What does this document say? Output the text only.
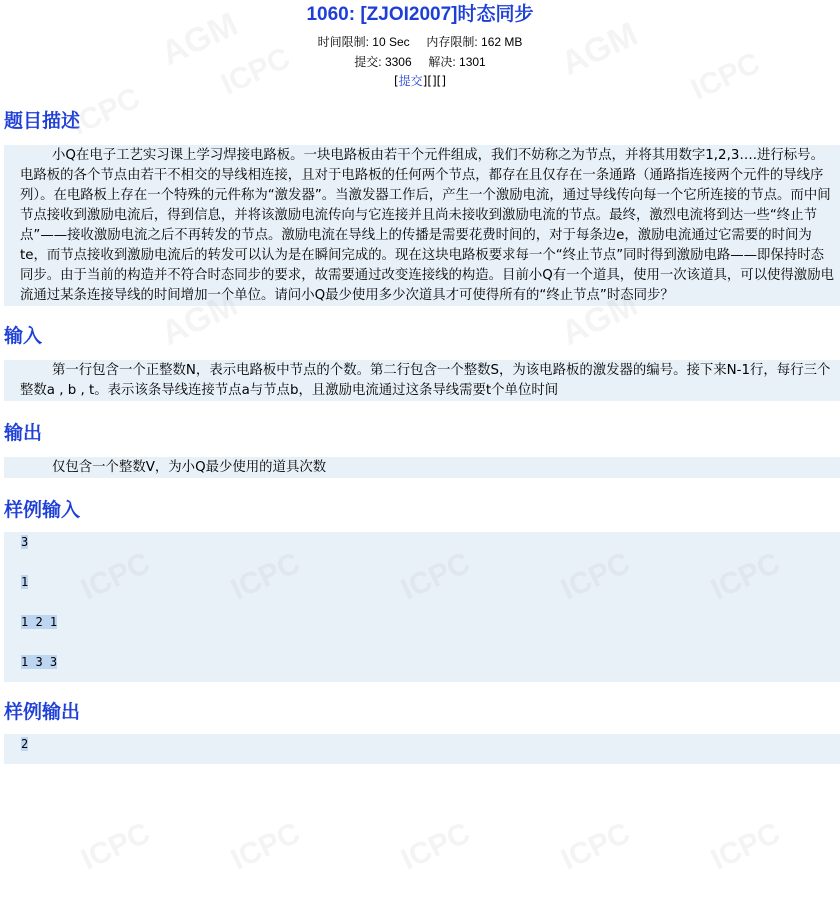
AGM
ICPC
ICPC	AGM ICPC
AGM	AGM
ICPC ICPC	ICPC	ICPC ICPC
1060: [ZJOI2007]时态同步
时间限制: 10 Sec 内存限制: 162 MB
提交: 3306 解决: 1301
[提交][][]
题目描述

小Q在电子工艺实习课上学习焊接电路板。一块电路板由若干个元件组成，我们不妨称之为节点，并将其用数字1,2,3….进行标号。电路板的各个节点由若干不相交的导线相连接，且对于电路板的任何两个节点，都存在且仅存在一条通路（通路指连接两个元件的导线序列）。在电路板上存在一个特殊的元件称为“激发器”。当激发器工作后，产生一个激励电流，通过导线传向每一个它所连接的节点。而中间节点接收到激励电流后，得到信息，并将该激励电流传向与它连接并且尚未接收到激励电流的节点。最终，激烈电流将到达一些“终止节点”——接收激励电流之后不再转发的节点。激励电流在导线上的传播是需要花费时间的，对于每条边e，激励电流通过它需要的时间为te，而节点接收到激励电流后的转发可以认为是在瞬间完成的。现在这块电路板要求每一个“终止节点”同时得到激励电路——即保持时态同步。由于当前的构造并不符合时态同步的要求，故需要通过改变连接线的构造。目前小Q有一个道具，使用一次该道具，可以使得激励电流通过某条连接导线的时间增加一个单位。请问小Q最少使用多少次道具才可使得所有的“终止节点”时态同步？

输入

第一行包含一个正整数N，表示电路板中节点的个数。第二行包含一个整数S，为该电路板的激发器的编号。接下来N-1行，每行三个整数a , b , t。表示该条导线连接节点a与节点b，且激励电流通过这条导线需要t个单位时间

输出

仅包含一个整数V，为小Q最少使用的道具次数

样例输入
3
1
1 2 1
1 3 3
样例输出
2
